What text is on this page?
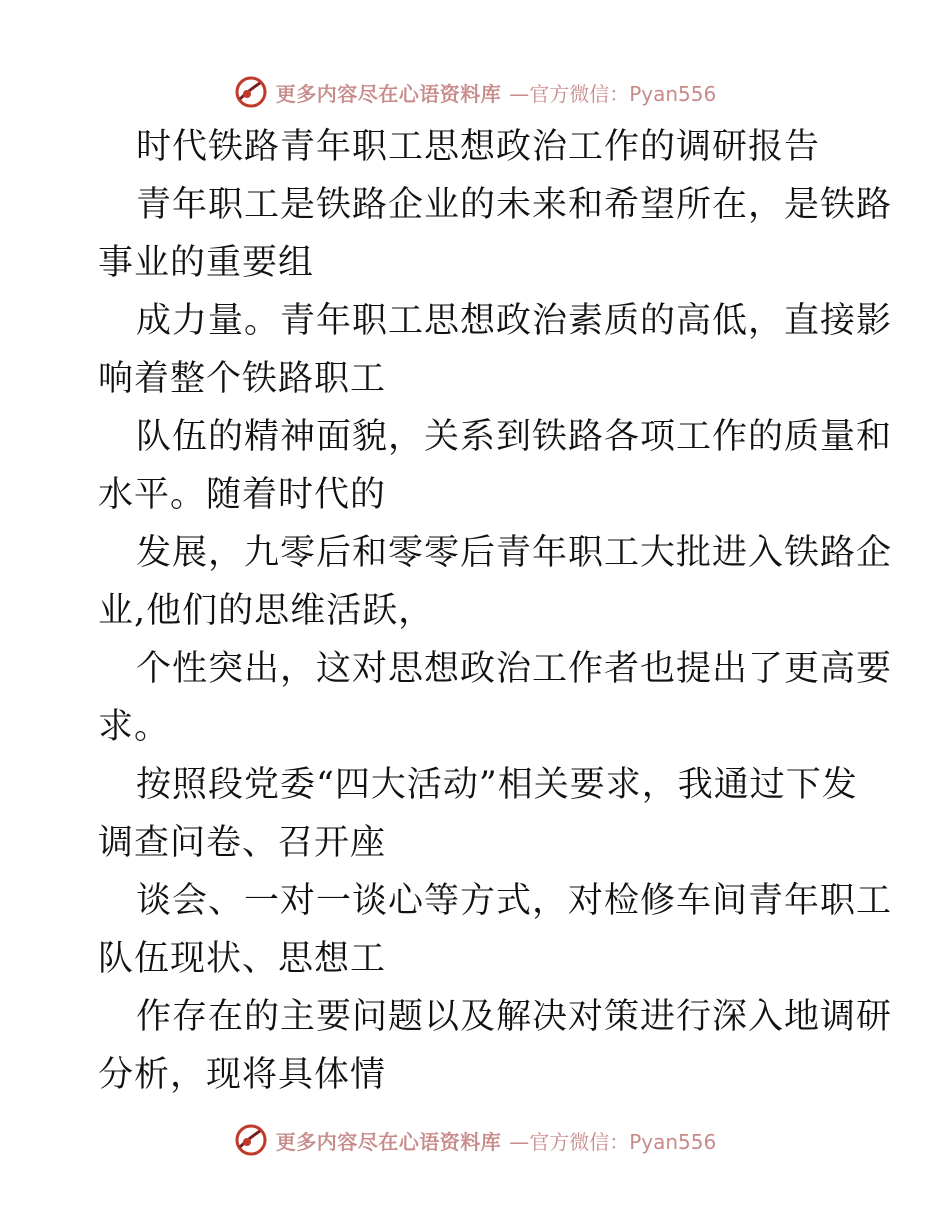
更多内容尽在心语资料库 —官方微信：Pyan556
时代铁路青年职工思想政治工作的调研报告
青年职工是铁路企业的未来和希望所在，是铁路
事业的重要组
成力量。青年职工思想政治素质的高低，直接影
响着整个铁路职工
队伍的精神面貌，关系到铁路各项工作的质量和
水平。随着时代的
发展，九零后和零零后青年职工大批进入铁路企
业,他们的思维活跃，
个性突出，这对思想政治工作者也提出了更高要
求。
按照段党委“四大活动”相关要求，我通过下发
调查问卷、召开座
谈会、一对一谈心等方式，对检修车间青年职工
队伍现状、思想工
作存在的主要问题以及解决对策进行深入地调研
分析，现将具体情
更多内容尽在心语资料库 —官方微信：Pyan556
